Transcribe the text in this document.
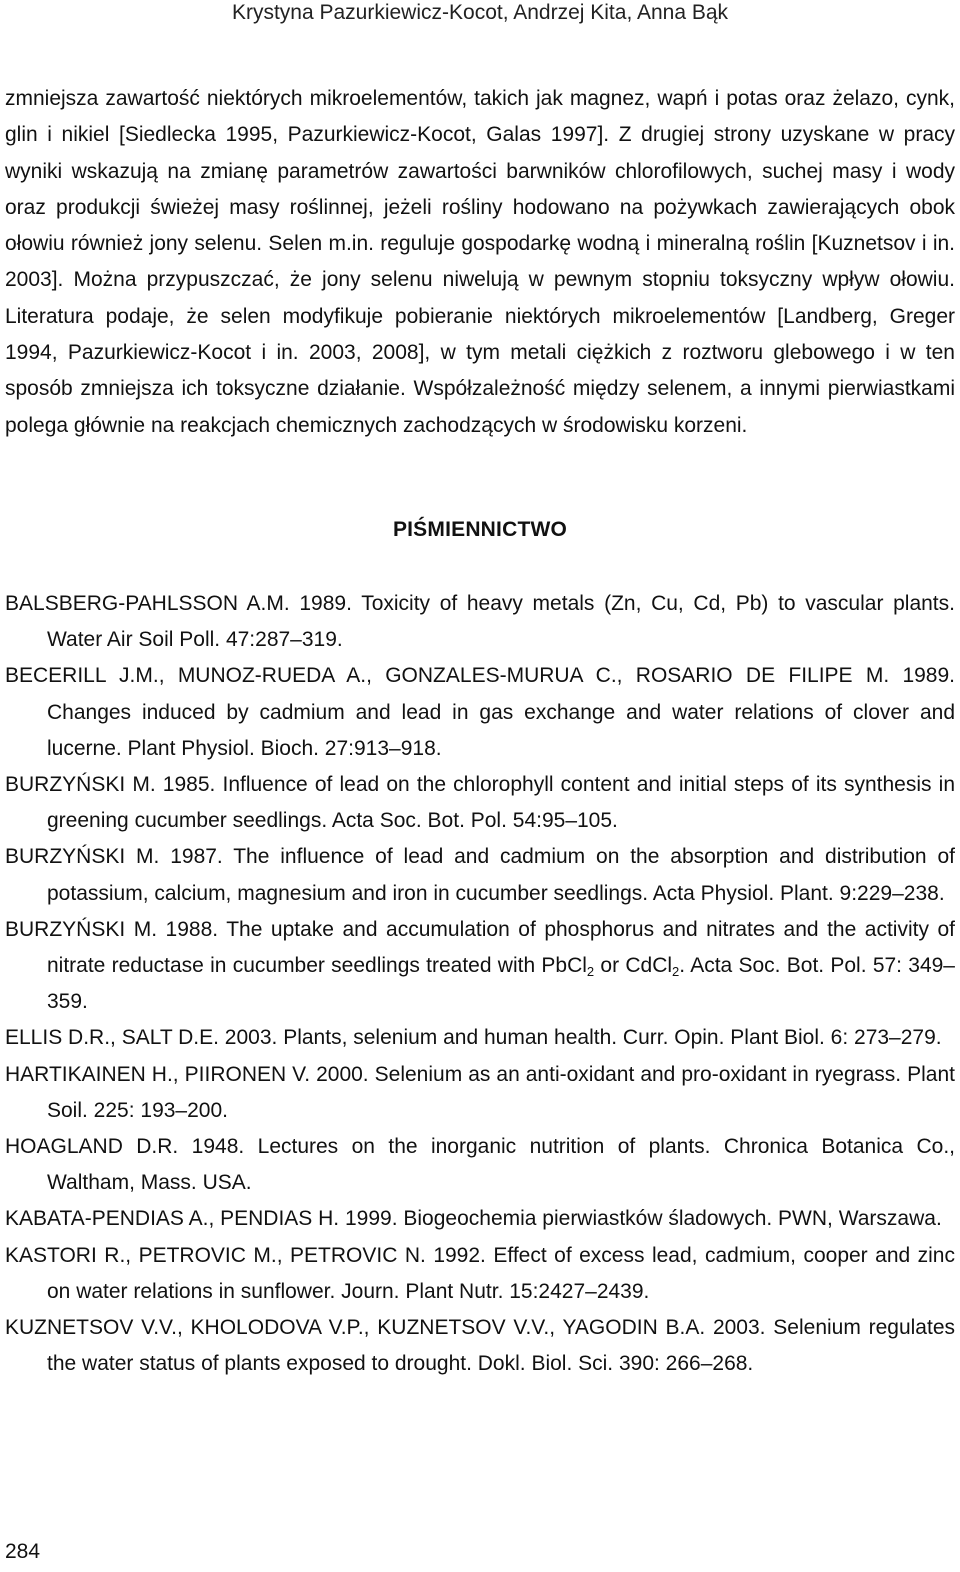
Krystyna Pazurkiewicz-Kocot, Andrzej Kita, Anna Bąk

zmniejsza zawartość niektórych mikroelementów, takich jak magnez, wapń i potas oraz żelazo, cynk, glin i nikiel [Siedlecka 1995, Pazurkiewicz-Kocot, Galas 1997]. Z drugiej strony uzyskane w pracy wyniki wskazują na zmianę parametrów zawartości barwników chlorofilowych, suchej masy i wody oraz produkcji świeżej masy roślinnej, jeżeli rośliny hodowano na pożywkach zawierających obok ołowiu również jony selenu. Selen m.in. reguluje gospodarkę wodną i mineralną roślin [Kuznetsov i in. 2003]. Można przypuszczać, że jony selenu niwelują w pewnym stopniu toksyczny wpływ ołowiu. Literatura podaje, że selen modyfikuje pobieranie niektórych mikroelementów [Landberg, Greger 1994, Pazurkiewicz-Kocot i in. 2003, 2008], w tym metali ciężkich z roztworu glebowego i w ten sposób zmniejsza ich toksyczne działanie. Współzależność między selenem, a innymi pierwiastkami polega głównie na reakcjach chemicznych zachodzących w środowisku korzeni.

PIŚMIENNICTWO
BALSBERG-PAHLSSON A.M. 1989. Toxicity of heavy metals (Zn, Cu, Cd, Pb) to vascular plants. Water Air Soil Poll. 47:287–319.
BECERILL J.M., MUNOZ-RUEDA A., GONZALES-MURUA C., ROSARIO DE FILIPE M. 1989. Changes induced by cadmium and lead in gas exchange and water relations of clover and lucerne. Plant Physiol. Bioch. 27:913–918.
BURZYŃSKI M. 1985. Influence of lead on the chlorophyll content and initial steps of its synthesis in greening cucumber seedlings. Acta Soc. Bot. Pol. 54:95–105.
BURZYŃSKI M. 1987. The influence of lead and cadmium on the absorption and distribution of potassium, calcium, magnesium and iron in cucumber seedlings. Acta Physiol. Plant. 9:229–238.
BURZYŃSKI M. 1988. The uptake and accumulation of phosphorus and nitrates and the activity of nitrate reductase in cucumber seedlings treated with PbCl$_2$ or CdCl$_2$. Acta Soc. Bot. Pol. 57: 349–359.
ELLIS D.R., SALT D.E. 2003. Plants, selenium and human health. Curr. Opin. Plant Biol. 6: 273–279.
HARTIKAINEN H., PIIRONEN V. 2000. Selenium as an anti-oxidant and pro-oxidant in ryegrass. Plant Soil. 225: 193–200.
HOAGLAND D.R. 1948. Lectures on the inorganic nutrition of plants. Chronica Botanica Co., Waltham, Mass. USA.
KABATA-PENDIAS A., PENDIAS H. 1999. Biogeochemia pierwiastków śladowych. PWN, Warszawa.
KASTORI R., PETROVIC M., PETROVIC N. 1992. Effect of excess lead, cadmium, cooper and zinc on water relations in sunflower. Journ. Plant Nutr. 15:2427–2439.
KUZNETSOV V.V., KHOLODOVA V.P., KUZNETSOV V.V., YAGODIN B.A. 2003. Selenium regulates the water status of plants exposed to drought. Dokl. Biol. Sci. 390: 266–268.
284
